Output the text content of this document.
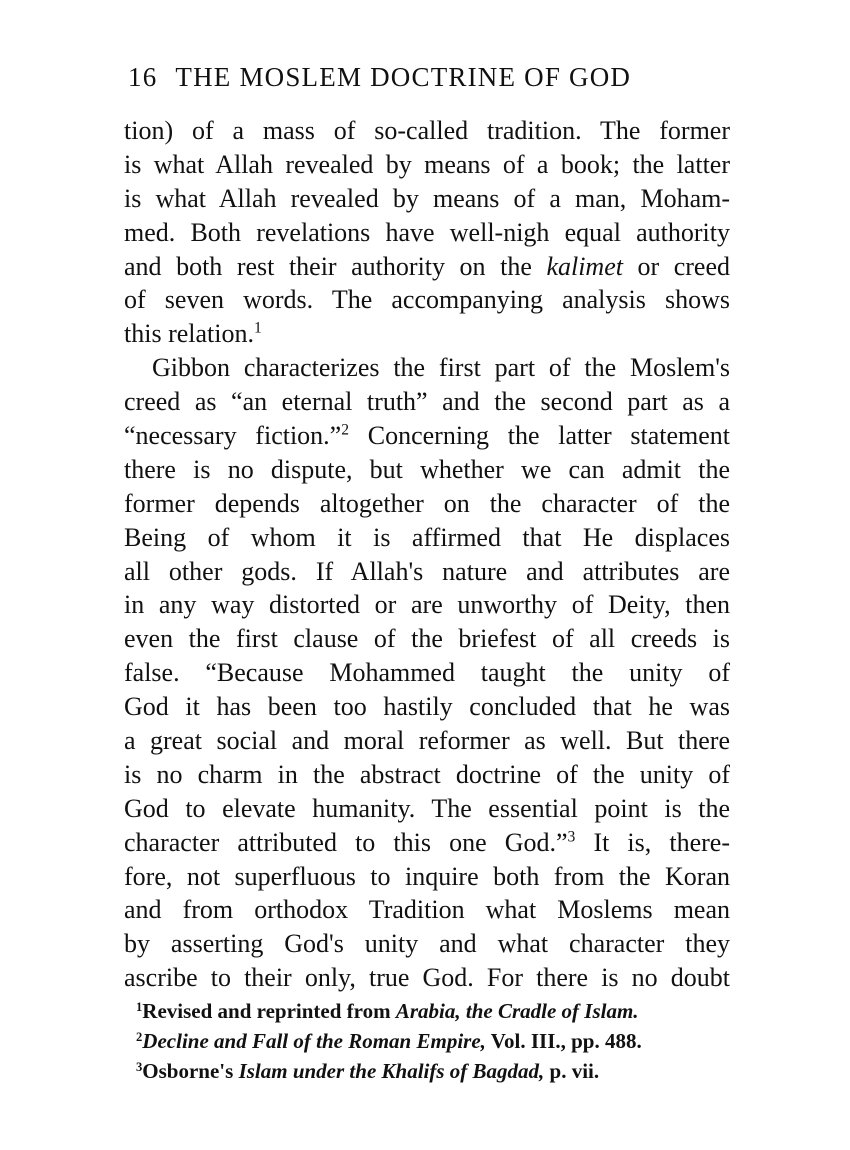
16 THE MOSLEM DOCTRINE OF GOD
tion) of a mass of so-called tradition. The former
is what Allah revealed by means of a book; the latter
is what Allah revealed by means of a man, Moham-
med. Both revelations have well-nigh equal authority
and both rest their authority on the kalimet or creed
of seven words. The accompanying analysis shows
this relation.$^1$
Gibbon characterizes the first part of the Moslem's
creed as “an eternal truth” and the second part as a
“necessary fiction.”$^2$ Concerning the latter statement
there is no dispute, but whether we can admit the
former depends altogether on the character of the
Being of whom it is affirmed that He displaces
all other gods. If Allah's nature and attributes are
in any way distorted or are unworthy of Deity, then
even the first clause of the briefest of all creeds is
false. “Because Mohammed taught the unity of
God it has been too hastily concluded that he was
a great social and moral reformer as well. But there
is no charm in the abstract doctrine of the unity of
God to elevate humanity. The essential point is the
character attributed to this one God.”$^3$ It is, there-
fore, not superfluous to inquire both from the Koran
and from orthodox Tradition what Moslems mean
by asserting God's unity and what character they
ascribe to their only, true God. For there is no doubt
$^1$Revised and reprinted from Arabia, the Cradle of Islam.
$^2$Decline and Fall of the Roman Empire, Vol. III., pp. 488.
$^3$Osborne's Islam under the Khalifs of Bagdad, p. vii.
